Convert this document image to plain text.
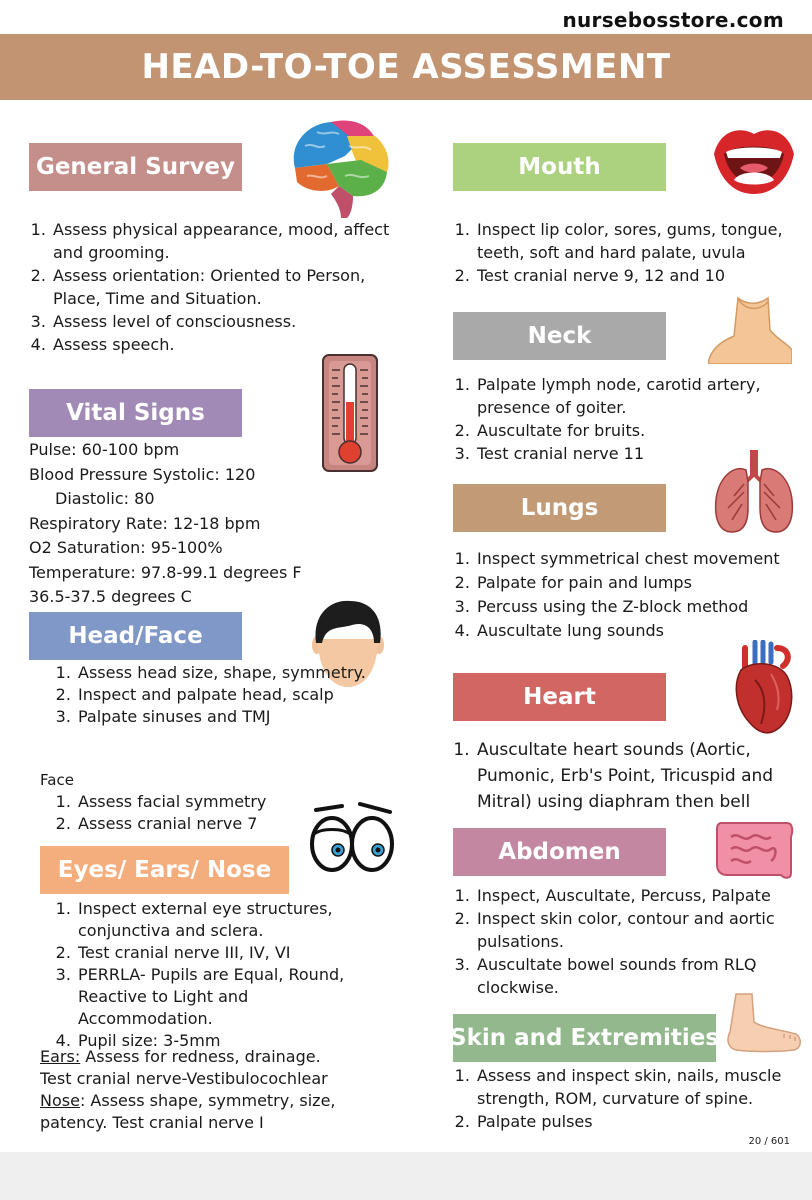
nursebosstore.com
HEAD-TO-TOE ASSESSMENT
General Survey
1. Assess physical appearance, mood, affect and grooming.
2. Assess orientation: Oriented to Person, Place, Time and Situation.
3. Assess level of consciousness.
4. Assess speech.
Vital Signs
Pulse: 60-100 bpm
Blood Pressure Systolic: 120
Diastolic: 80
Respiratory Rate: 12-18 bpm
O2 Saturation: 95-100%
Temperature: 97.8-99.1 degrees F
36.5-37.5 degrees C
Head/Face
1. Assess head size, shape, symmetry.
2. Inspect and palpate head, scalp
3. Palpate sinuses and TMJ
Face
1. Assess facial symmetry
2. Assess cranial nerve 7
Eyes/ Ears/ Nose
1. Inspect external eye structures, conjunctiva and sclera.
2. Test cranial nerve III, IV, VI
3. PERRLA- Pupils are Equal, Round, Reactive to Light and Accommodation.
4. Pupil size: 3-5mm
Ears: Assess for redness, drainage.
Test cranial nerve-Vestibulocochlear
Nose: Assess shape, symmetry, size,
patency. Test cranial nerve I
Mouth
1. Inspect lip color, sores, gums, tongue, teeth, soft and hard palate, uvula
2. Test cranial nerve 9, 12 and 10
Neck
1. Palpate lymph node, carotid artery, presence of goiter.
2. Auscultate for bruits.
3. Test cranial nerve 11
Lungs
1. Inspect symmetrical chest movement
2. Palpate for pain and lumps
3. Percuss using the Z-block method
4. Auscultate lung sounds
Heart
1. Auscultate heart sounds (Aortic, Pumonic, Erb's Point, Tricuspid and Mitral) using diaphram then bell
Abdomen
1. Inspect, Auscultate, Percuss, Palpate
2. Inspect skin color, contour and aortic pulsations.
3. Auscultate bowel sounds from RLQ clockwise.
Skin and Extremities
1. Assess and inspect skin, nails, muscle strength, ROM, curvature of spine.
2. Palpate pulses
20 / 601
